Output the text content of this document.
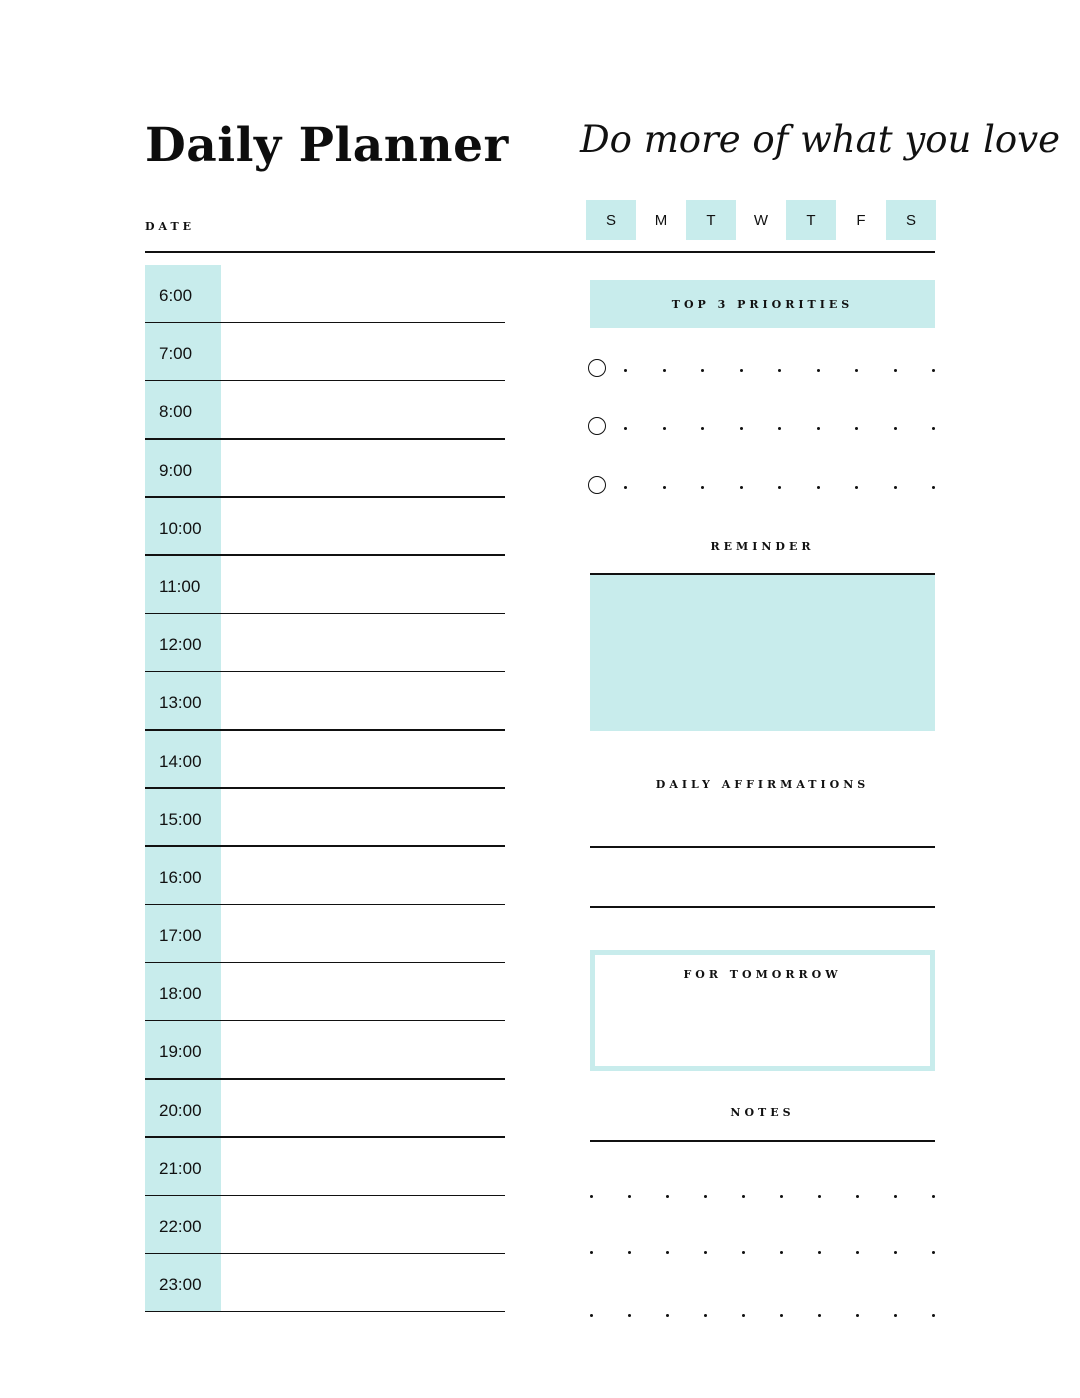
Daily Planner Do more of what you love
DATE	S	M	T	W	T	F	S
6:00
7:00
8:00
9:00
10:00
11:00
12:00
13:00
14:00
15:00
16:00
17:00
18:00
19:00
20:00
21:00
22:00
23:00
TOP 3 PRIORITIES
REMINDER
DAILY AFFIRMATIONS
FOR TOMORROW
NOTES
